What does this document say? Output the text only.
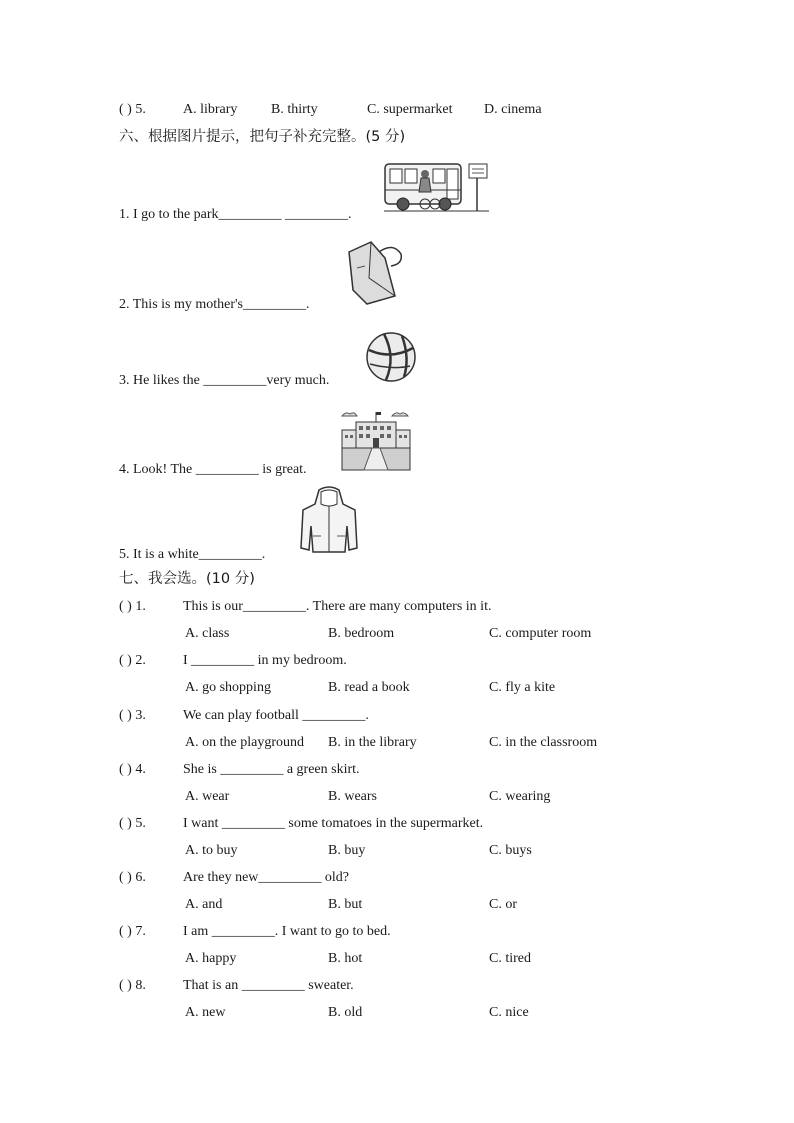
( ) 5.	A. library B. thirty	C. supermarket D. cinema
六、根据图片提示，把句子补充完整。(5 分)
1. I go to the park_________ _________.
2. This is my mother's_________.
3. He likes the _________very much.
4. Look! The _________ is great.
5. It is a white_________.
七、我会选。(10 分)
( ) 1.	This is our_________. There are many computers in it.
A. class	B. bedroom	C. computer room
( ) 2.	I _________ in my bedroom.
A. go shopping	B. read a book	C. fly a kite
( ) 3.	We can play football _________.
A. on the playground B. in the library	C. in the classroom
( ) 4.	She is _________ a green skirt.
A. wear	B. wears	C. wearing
( ) 5.	I want _________ some tomatoes in the supermarket.
A. to buy	B. buy	C. buys
( ) 6.	Are they new_________ old?
A. and	B. but	C. or
( ) 7.	I am _________. I want to go to bed.
A. happy	B. hot	C. tired
( ) 8.	That is an _________ sweater.
A. new	B. old	C. nice
